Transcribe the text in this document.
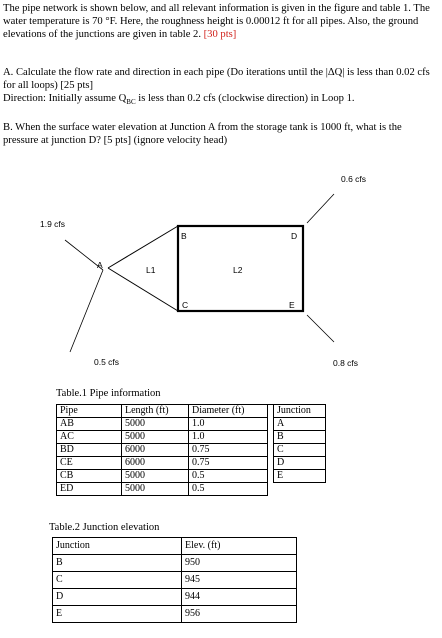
The pipe network is shown below, and all relevant information is given in the figure and table 1. The water temperature is 70 °F. Here, the roughness height is 0.00012 ft for all pipes. Also, the ground elevations of the junctions are given in table 2. [30 pts]
A. Calculate the flow rate and direction in each pipe (Do iterations until the |ΔQ| is less than 0.02 cfs for all loops) [25 pts]
Direction: Initially assume $Q_{BC}$ is less than 0.2 cfs (clockwise direction) in Loop 1.
B. When the surface water elevation at Junction A from the storage tank is 1000 ft, what is the pressure at junction D? [5 pts] (ignore velocity head)
1.9 cfs
0.5 cfs
0.6 cfs
0.8 cfs
A
B
C
D
E
L1	L2
Table.1 Pipe information
Pipe	Length (ft)	Diameter (ft)		Junction
AB	5000	1.0		A
AC	5000	1.0		B
BD	6000	0.75		C
CE	6000	0.75		D
CB	5000	0.5		E
ED	5000	0.5		
Table.2 Junction elevation
Junction	Elev. (ft)
B	950
C	945
D	944
E	956
